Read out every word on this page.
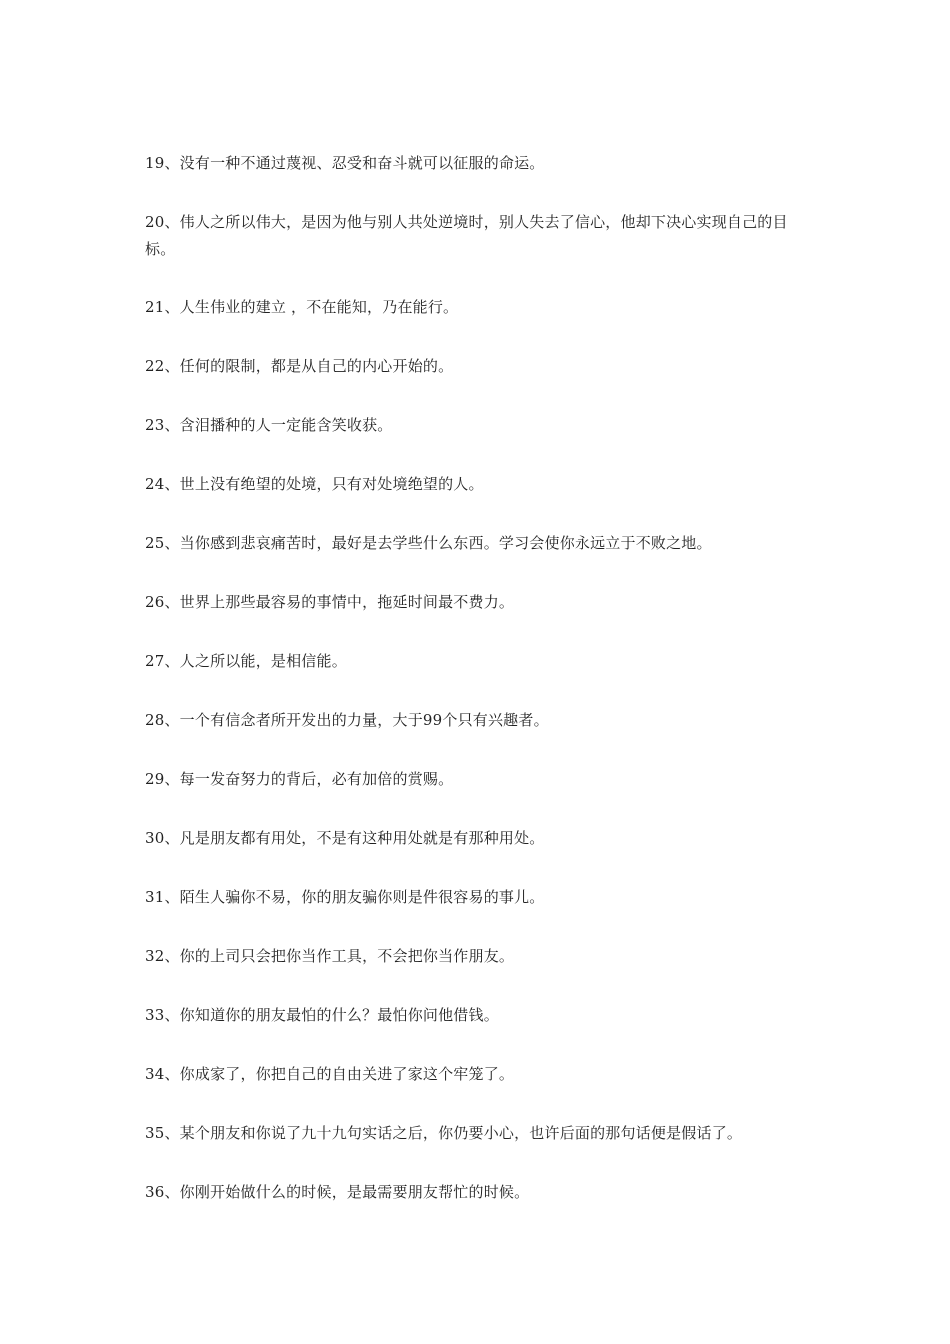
19、没有一种不通过蔑视、忍受和奋斗就可以征服的命运。
20、伟人之所以伟大，是因为他与别人共处逆境时，别人失去了信心，他却下决心实现自己的目标。
21、人生伟业的建立 ，不在能知，乃在能行。
22、任何的限制，都是从自己的内心开始的。
23、含泪播种的人一定能含笑收获。
24、世上没有绝望的处境，只有对处境绝望的人。
25、当你感到悲哀痛苦时，最好是去学些什么东西。学习会使你永远立于不败之地。
26、世界上那些最容易的事情中，拖延时间最不费力。
27、人之所以能，是相信能。
28、一个有信念者所开发出的力量，大于99个只有兴趣者。
29、每一发奋努力的背后，必有加倍的赏赐。
30、凡是朋友都有用处，不是有这种用处就是有那种用处。
31、陌生人骗你不易，你的朋友骗你则是件很容易的事儿。
32、你的上司只会把你当作工具，不会把你当作朋友。
33、你知道你的朋友最怕的什么？最怕你问他借钱。
34、你成家了，你把自己的自由关进了家这个牢笼了。
35、某个朋友和你说了九十九句实话之后，你仍要小心，也许后面的那句话便是假话了。
36、你刚开始做什么的时候，是最需要朋友帮忙的时候。
